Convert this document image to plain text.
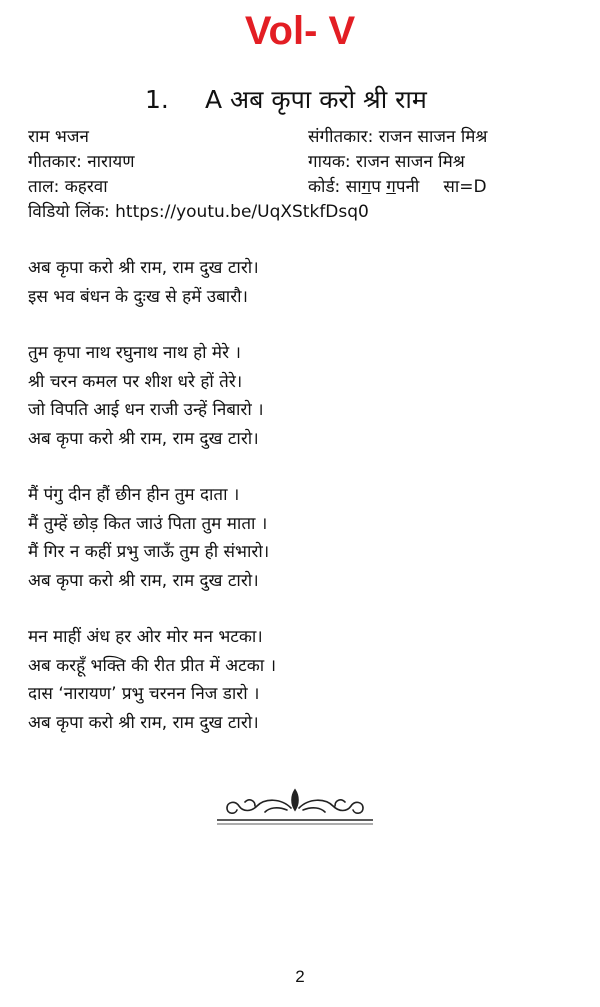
Vol- V
1. A अब कृपा करो श्री राम
राम भजन
गीतकार: नारायण
ताल: कहरवा
विडियो लिंक: https://youtu.be/UqXStkfDsq0
संगीतकार: राजन साजन मिश्र
गायक: राजन साजन मिश्र
कोर्ड: सागप गपनी सा=D
अब कृपा करो श्री राम, राम दुख टारो।
इस भव बंधन के दुःख से हमें उबारौ।
तुम कृपा नाथ रघुनाथ नाथ हो मेरे ।
श्री चरन कमल पर शीश धरे हों तेरे।
जो विपति आई धन राजी उन्हें निबारो ।
अब कृपा करो श्री राम, राम दुख टारो।
मैं पंगु दीन हौं छीन हीन तुम दाता ।
मैं तुम्हें छोड़ कित जाउं पिता तुम माता ।
मैं गिर न कहीं प्रभु जाऊँ तुम ही संभारो।
अब कृपा करो श्री राम, राम दुख टारो।
मन माहीं अंध हर ओर मोर मन भटका।
अब करहूँ भक्ति की रीत प्रीत में अटका ।
दास ‘नारायण’ प्रभु चरनन निज डारो ।
अब कृपा करो श्री राम, राम दुख टारो।
2
